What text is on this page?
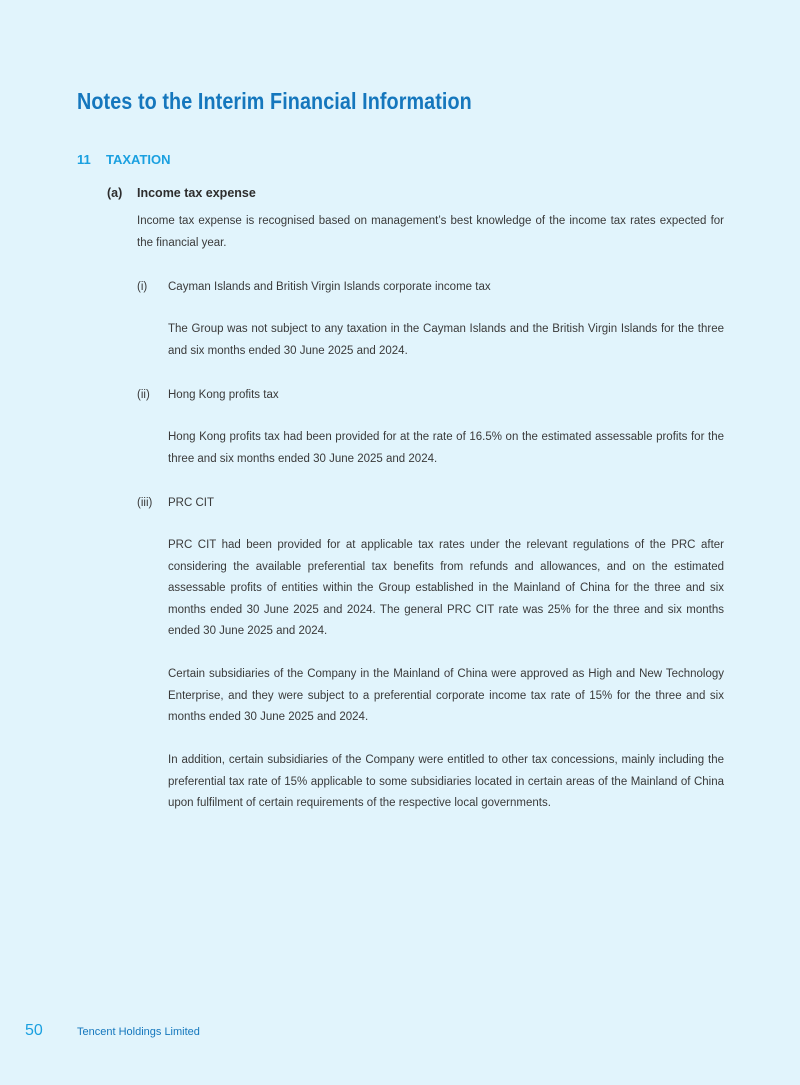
Notes to the Interim Financial Information
11 TAXATION
(a) Income tax expense

Income tax expense is recognised based on management’s best knowledge of the income tax rates expected for the financial year.

(i) Cayman Islands and British Virgin Islands corporate income tax

The Group was not subject to any taxation in the Cayman Islands and the British Virgin Islands for the three and six months ended 30 June 2025 and 2024.

(ii) Hong Kong profits tax

Hong Kong profits tax had been provided for at the rate of 16.5% on the estimated assessable profits for the three and six months ended 30 June 2025 and 2024.

(iii) PRC CIT

PRC CIT had been provided for at applicable tax rates under the relevant regulations of the PRC after considering the available preferential tax benefits from refunds and allowances, and on the estimated assessable profits of entities within the Group established in the Mainland of China for the three and six months ended 30 June 2025 and 2024. The general PRC CIT rate was 25% for the three and six months ended 30 June 2025 and 2024.

Certain subsidiaries of the Company in the Mainland of China were approved as High and New Technology Enterprise, and they were subject to a preferential corporate income tax rate of 15% for the three and six months ended 30 June 2025 and 2024.

In addition, certain subsidiaries of the Company were entitled to other tax concessions, mainly including the preferential tax rate of 15% applicable to some subsidiaries located in certain areas of the Mainland of China upon fulfilment of certain requirements of the respective local governments.

50	Tencent Holdings Limited
